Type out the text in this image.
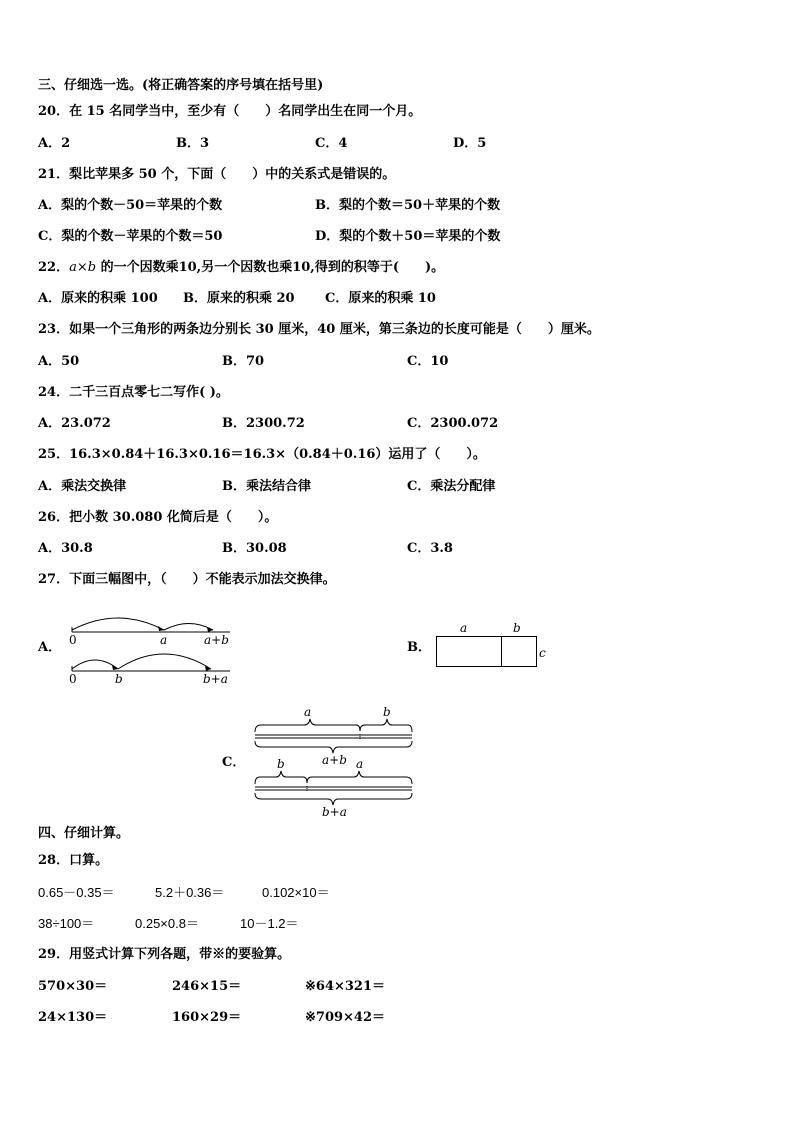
三、仔细选一选。(将正确答案的序号填在括号里)
20．在 15 名同学当中，至少有（　　）名同学出生在同一个月。
A．2	B．3	C．4	D．5
21．梨比苹果多 50 个，下面（　　）中的关系式是错误的。
A．梨的个数－50＝苹果的个数	B．梨的个数＝50＋苹果的个数
C．梨的个数－苹果的个数＝50	D．梨的个数＋50＝苹果的个数
22．a×b 的一个因数乘10,另一个因数也乘10,得到的积等于(　　)。
A．原来的积乘 100 B．原来的积乘 20 C．原来的积乘 10
23．如果一个三角形的两条边分别长 30 厘米，40 厘米，第三条边的长度可能是（　　）厘米。
A．50	B．70	C．10
24．二千三百点零七二写作( )。
A．23.072	B．2300.72	C．2300.072
25．16.3×0.84＋16.3×0.16＝16.3×（0.84＋0.16）运用了（　　）。
A．乘法交换律	B．乘法结合律	C．乘法分配律
26．把小数 30.080 化简后是（　　）。
A．30.8	B．30.08	C．3.8
27．下面三幅图中，（　　）不能表示加法交换律。
A．	B．
C．
0	a	a+b
0	b	b+a
a	b
c
a	b
a+b
b	a
b+a
四、仔细计算。
28．口算。
0.65－0.35＝	5.2＋0.36＝	0.102×10＝
38÷100＝	0.25×0.8＝	10－1.2＝
29．用竖式计算下列各题，带※的要验算。
570×30＝	246×15＝	※64×321＝
24×130＝	160×29＝	※709×42＝
